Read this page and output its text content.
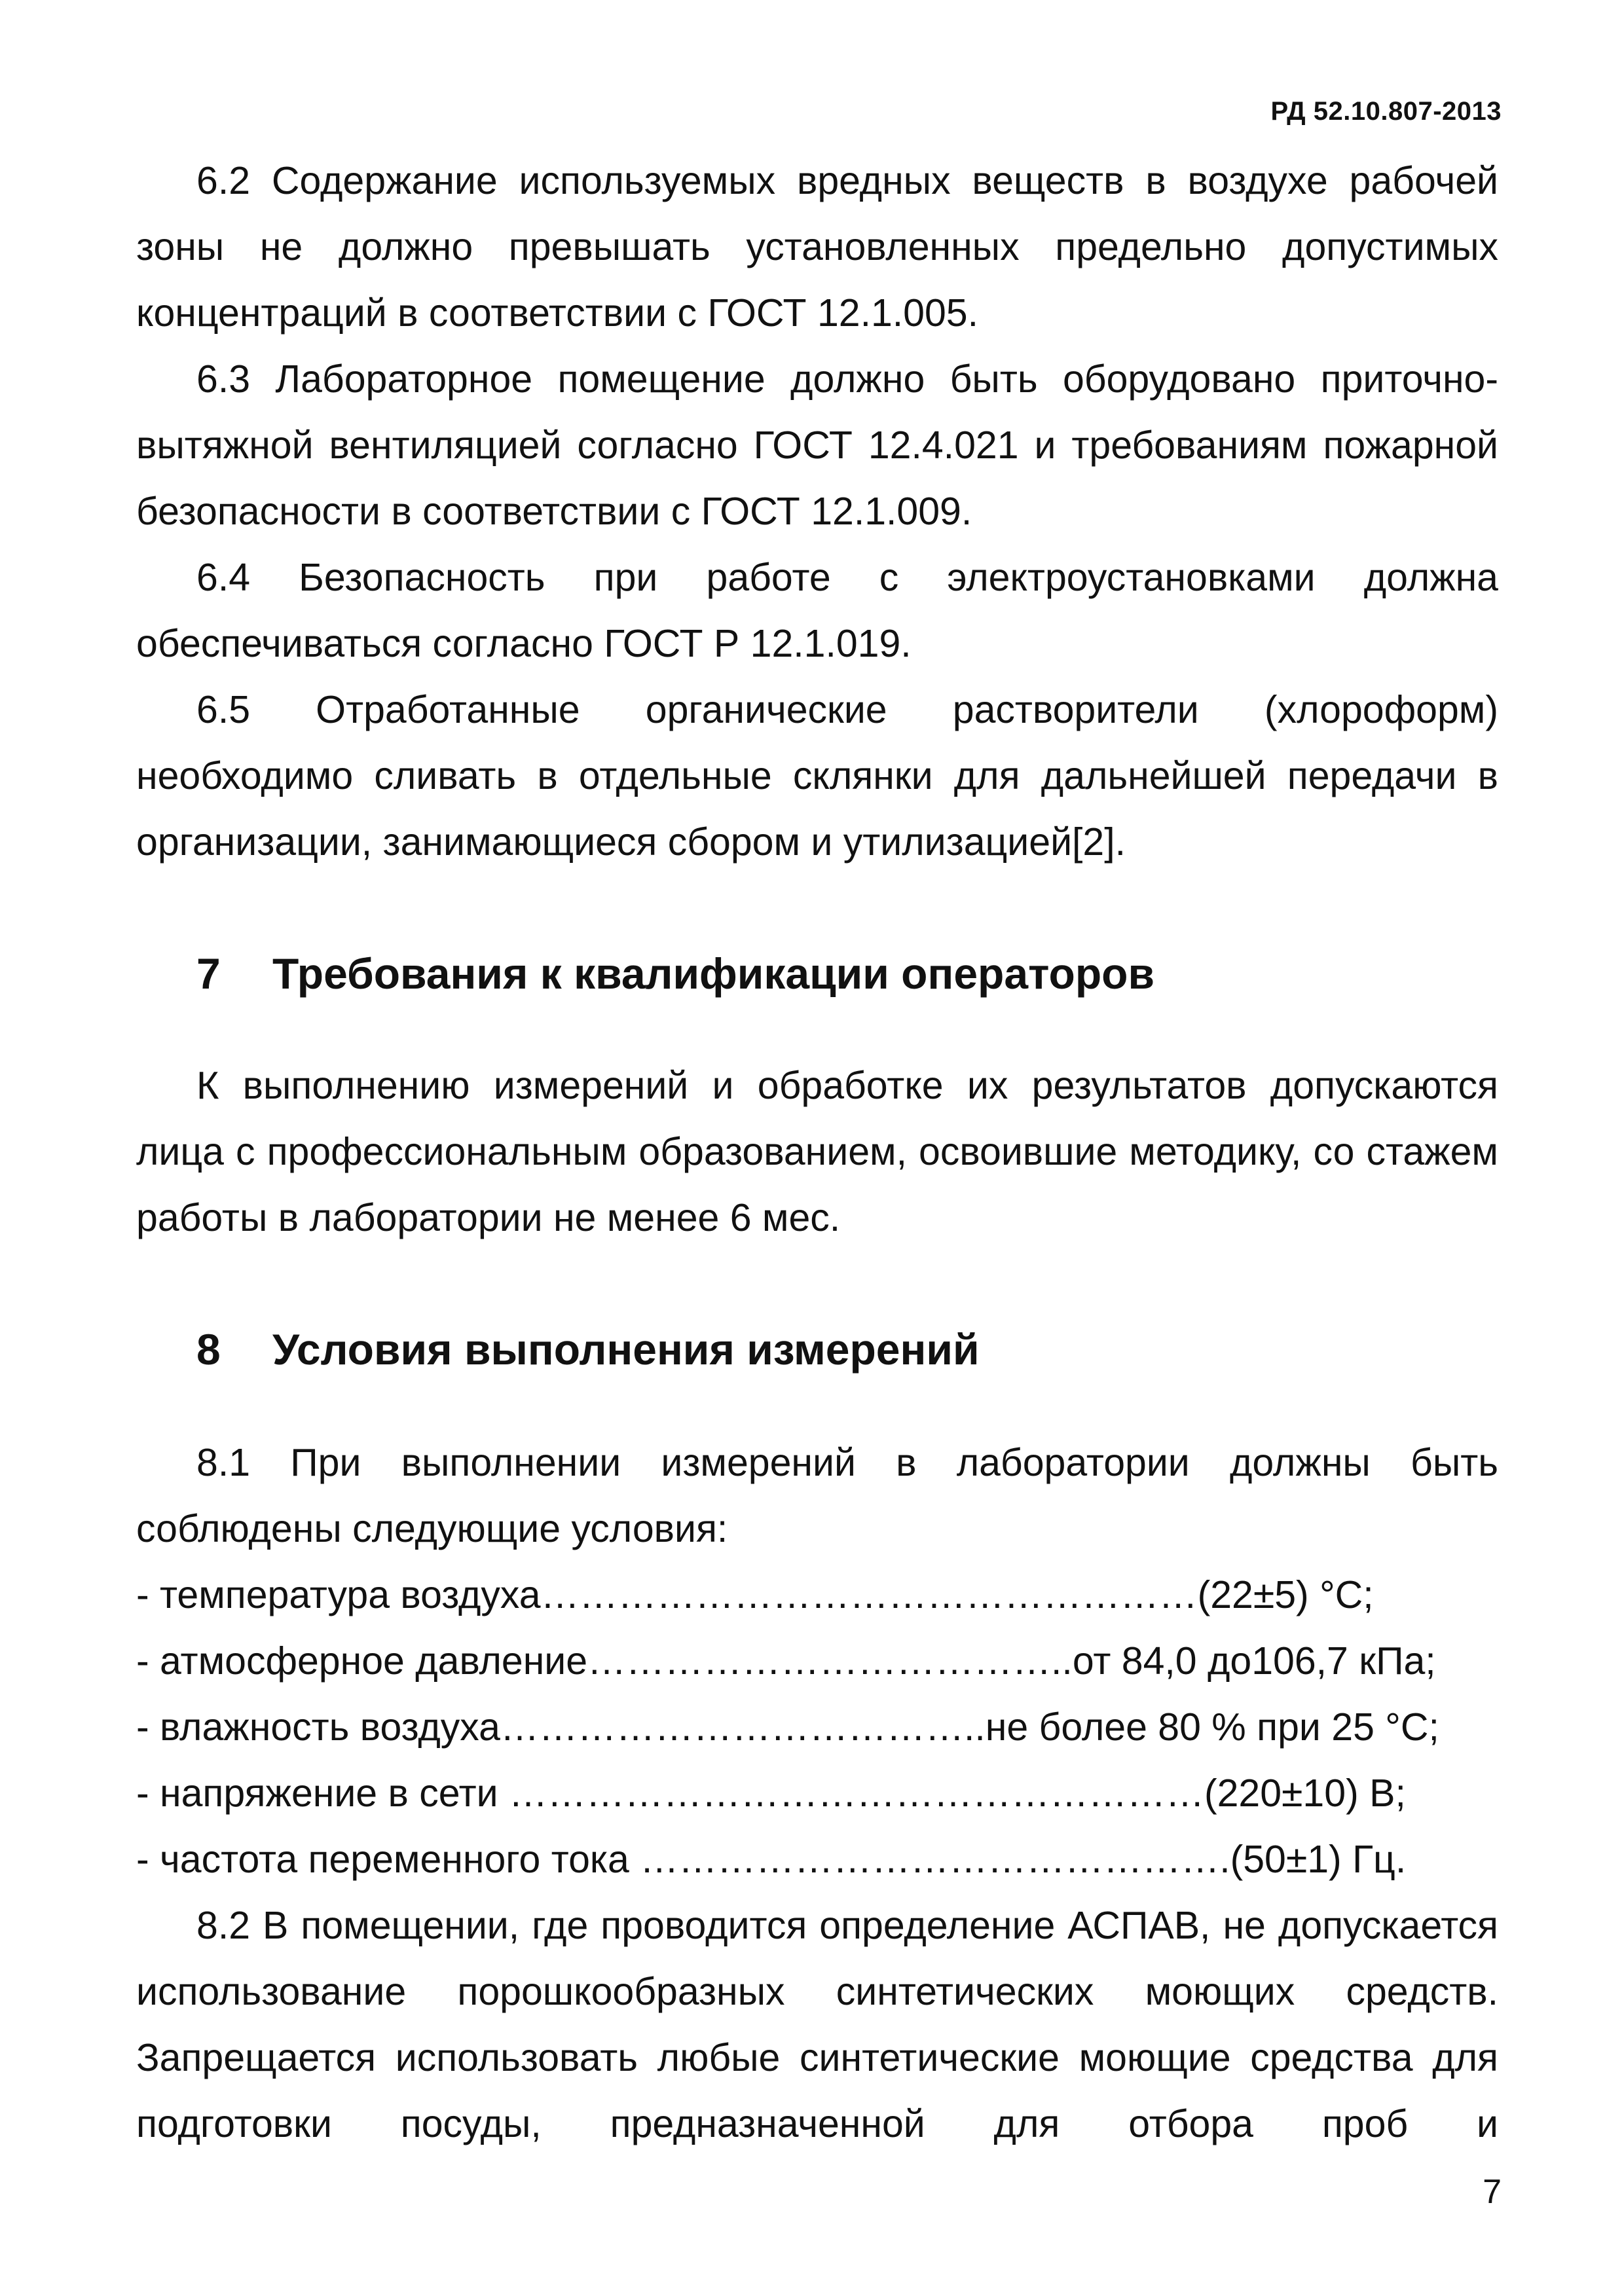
РД 52.10.807-2013

6.2 Содержание используемых вредных веществ в воздухе рабочей зоны не должно превышать установленных предельно допустимых концентраций в соответствии с ГОСТ 12.1.005.

6.3 Лабораторное помещение должно быть оборудовано приточно-вытяжной вентиляцией согласно ГОСТ 12.4.021 и требованиям пожарной безопасности в соответствии с ГОСТ 12.1.009.

6.4 Безопасность при работе с электроустановками должна обеспечиваться согласно ГОСТ Р 12.1.019.

6.5 Отработанные органические растворители (хлороформ) необходимо сливать в отдельные склянки для дальнейшей передачи в организации, занимающиеся сбором и утилизацией[2].

7	Требования к квалификации операторов

К выполнению измерений и обработке их результатов допускаются лица с профессиональным образованием, освоившие методику, со стажем работы в лаборатории не менее 6 мес.

8	Условия выполнения измерений

8.1 При выполнении измерений в лаборатории должны быть соблюдены следующие условия:

- температура воздуха……………………………………………(22±5) °С;
- атмосферное давление………………………………..от 84,0 до106,7 кПа;
- влажность воздуха………………………………..не более 80 % при 25 °С;
- напряжение в сети ………………………………………………(220±10) В;
- частота переменного тока ……………………………………….(50±1) Гц.

8.2 В помещении, где проводится определение АСПАВ, не допускается использование порошкообразных синтетических моющих средств. Запрещается использовать любые синтетические моющие средства для подготовки посуды, предназначенной для отбора проб и

7
